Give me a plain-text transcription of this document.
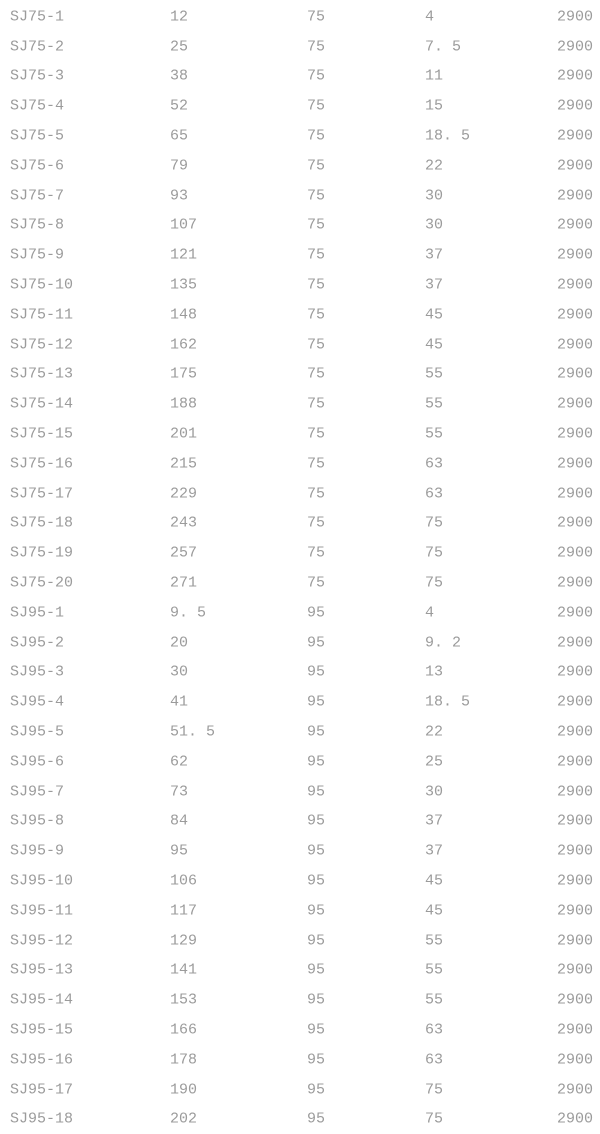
SJ75-1	12	75	4	2900
SJ75-2	25	75	7. 5	2900
SJ75-3	38	75	11	2900
SJ75-4	52	75	15	2900
SJ75-5	65	75	18. 5	2900
SJ75-6	79	75	22	2900
SJ75-7	93	75	30	2900
SJ75-8	107	75	30	2900
SJ75-9	121	75	37	2900
SJ75-10	135	75	37	2900
SJ75-11	148	75	45	2900
SJ75-12	162	75	45	2900
SJ75-13	175	75	55	2900
SJ75-14	188	75	55	2900
SJ75-15	201	75	55	2900
SJ75-16	215	75	63	2900
SJ75-17	229	75	63	2900
SJ75-18	243	75	75	2900
SJ75-19	257	75	75	2900
SJ75-20	271	75	75	2900
SJ95-1	9. 5	95	4	2900
SJ95-2	20	95	9. 2	2900
SJ95-3	30	95	13	2900
SJ95-4	41	95	18. 5	2900
SJ95-5	51. 5	95	22	2900
SJ95-6	62	95	25	2900
SJ95-7	73	95	30	2900
SJ95-8	84	95	37	2900
SJ95-9	95	95	37	2900
SJ95-10	106	95	45	2900
SJ95-11	117	95	45	2900
SJ95-12	129	95	55	2900
SJ95-13	141	95	55	2900
SJ95-14	153	95	55	2900
SJ95-15	166	95	63	2900
SJ95-16	178	95	63	2900
SJ95-17	190	95	75	2900
SJ95-18	202	95	75	2900
